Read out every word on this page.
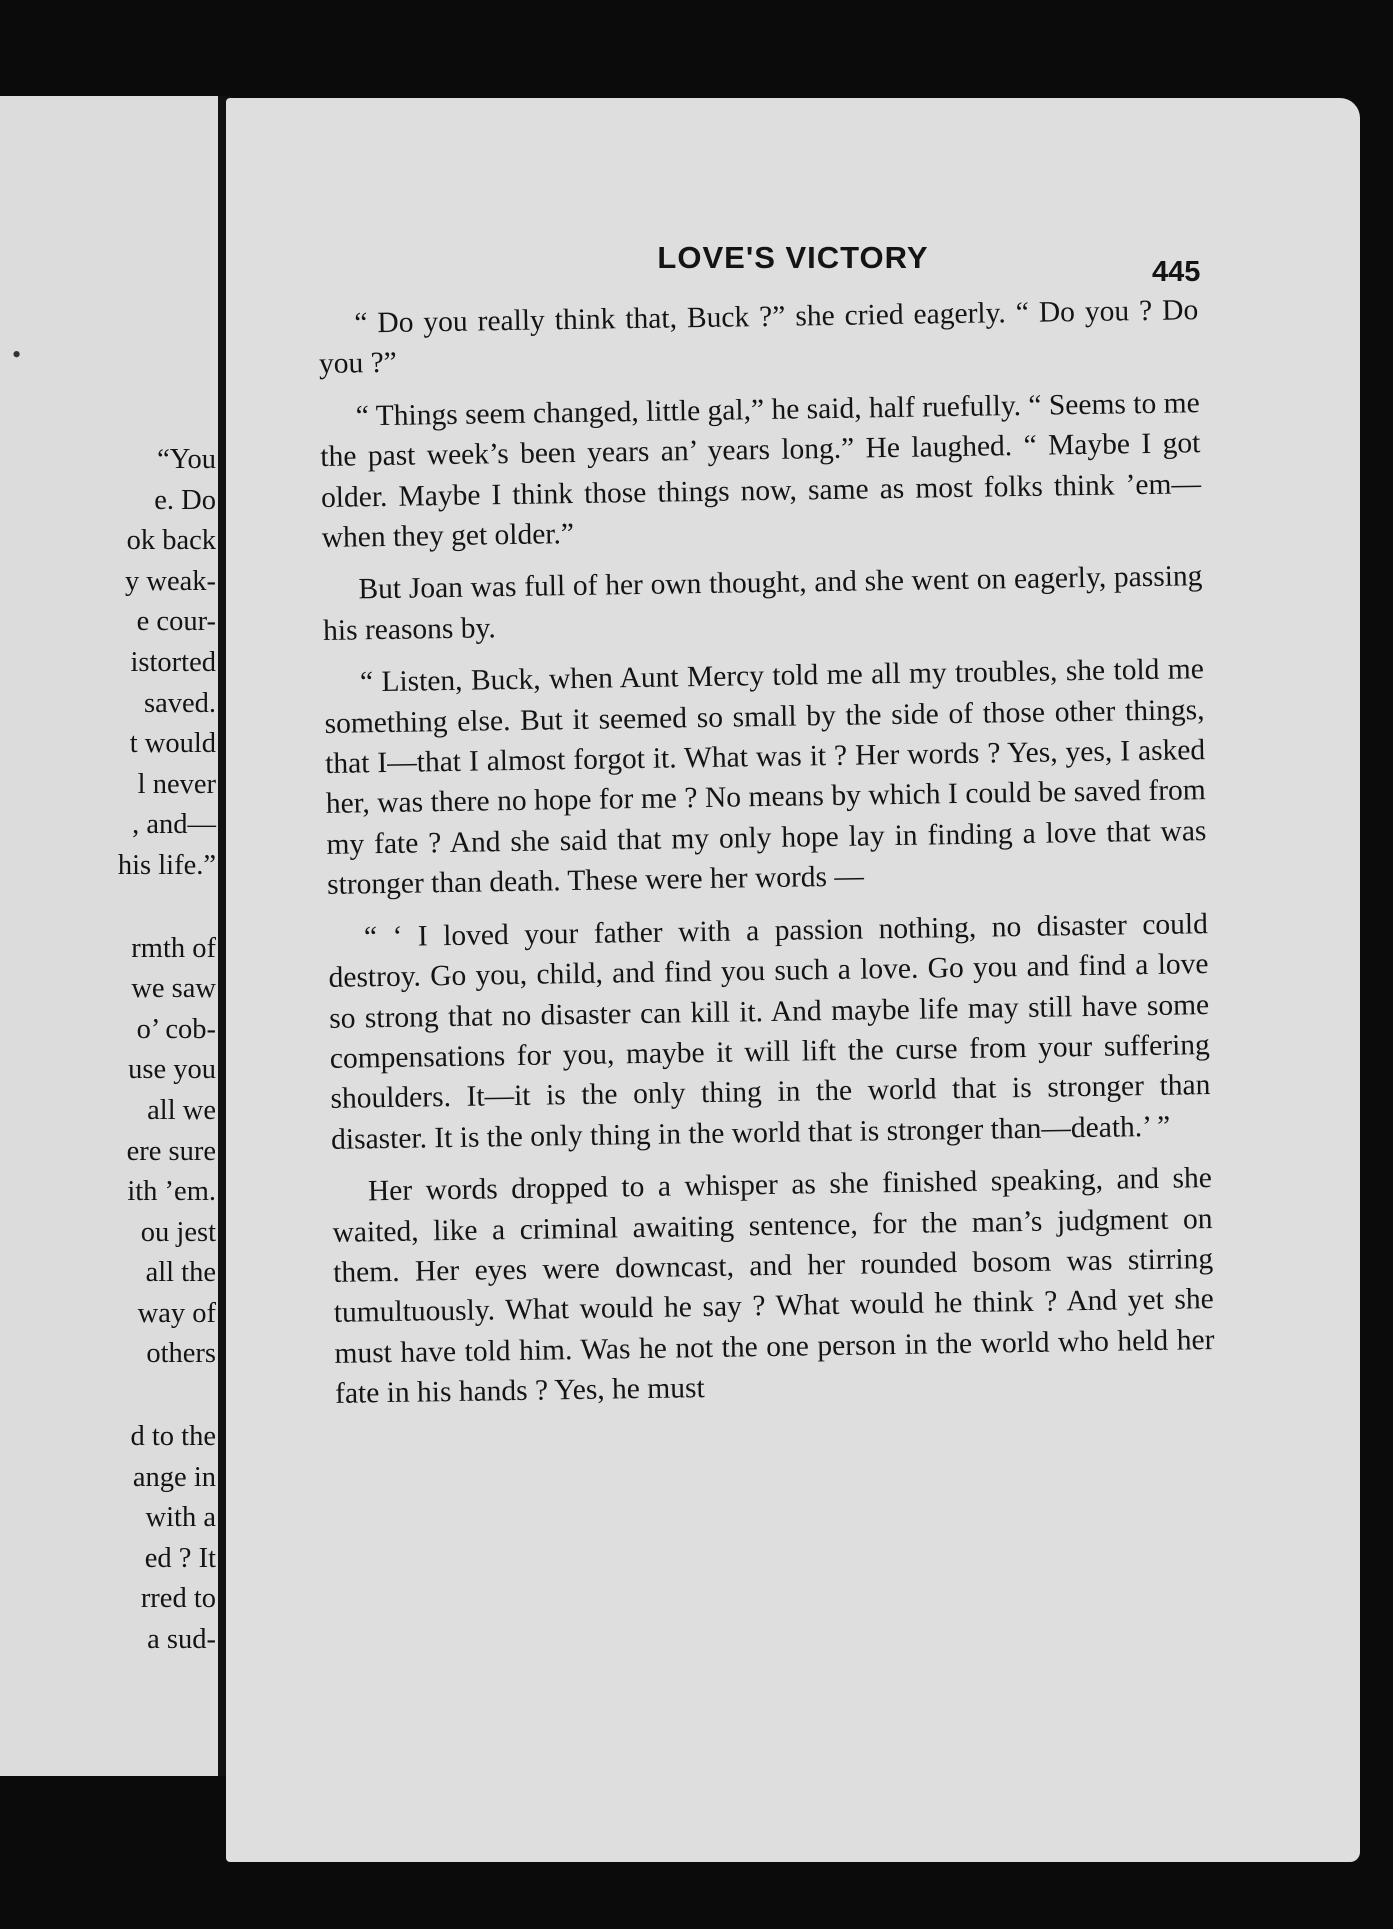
•
“You
e. Do
ok back
y weak-
e cour-
istorted
saved.
t would
l never
, and—
his life.”
rmth of
we saw
o’ cob-
use you
all we
ere sure
ith ’em.
ou jest
all the
way of
others
d to the
ange in
with a
ed ? It
rred to
a sud-
LOVE'S VICTORY	445

“ Do you really think that, Buck ?” she cried eagerly. “ Do you ? Do you ?”

“ Things seem changed, little gal,” he said, half ruefully. “ Seems to me the past week’s been years an’ years long.” He laughed. “ Maybe I got older. Maybe I think those things now, same as most folks think ’em—when they get older.”

But Joan was full of her own thought, and she went on eagerly, passing his reasons by.

“ Listen, Buck, when Aunt Mercy told me all my troubles, she told me something else. But it seemed so small by the side of those other things, that I—that I almost forgot it. What was it ? Her words ? Yes, yes, I asked her, was there no hope for me ? No means by which I could be saved from my fate ? And she said that my only hope lay in finding a love that was stronger than death. These were her words —

“ ‘ I loved your father with a passion nothing, no disaster could destroy. Go you, child, and find you such a love. Go you and find a love so strong that no disaster can kill it. And maybe life may still have some compensations for you, maybe it will lift the curse from your suffering shoulders. It—it is the only thing in the world that is stronger than disaster. It is the only thing in the world that is stronger than—death.’ ”

Her words dropped to a whisper as she finished speaking, and she waited, like a criminal awaiting sentence, for the man’s judgment on them. Her eyes were downcast, and her rounded bosom was stirring tumultuously. What would he say ? What would he think ? And yet she must have told him. Was he not the one person in the world who held her fate in his hands ? Yes, he must
